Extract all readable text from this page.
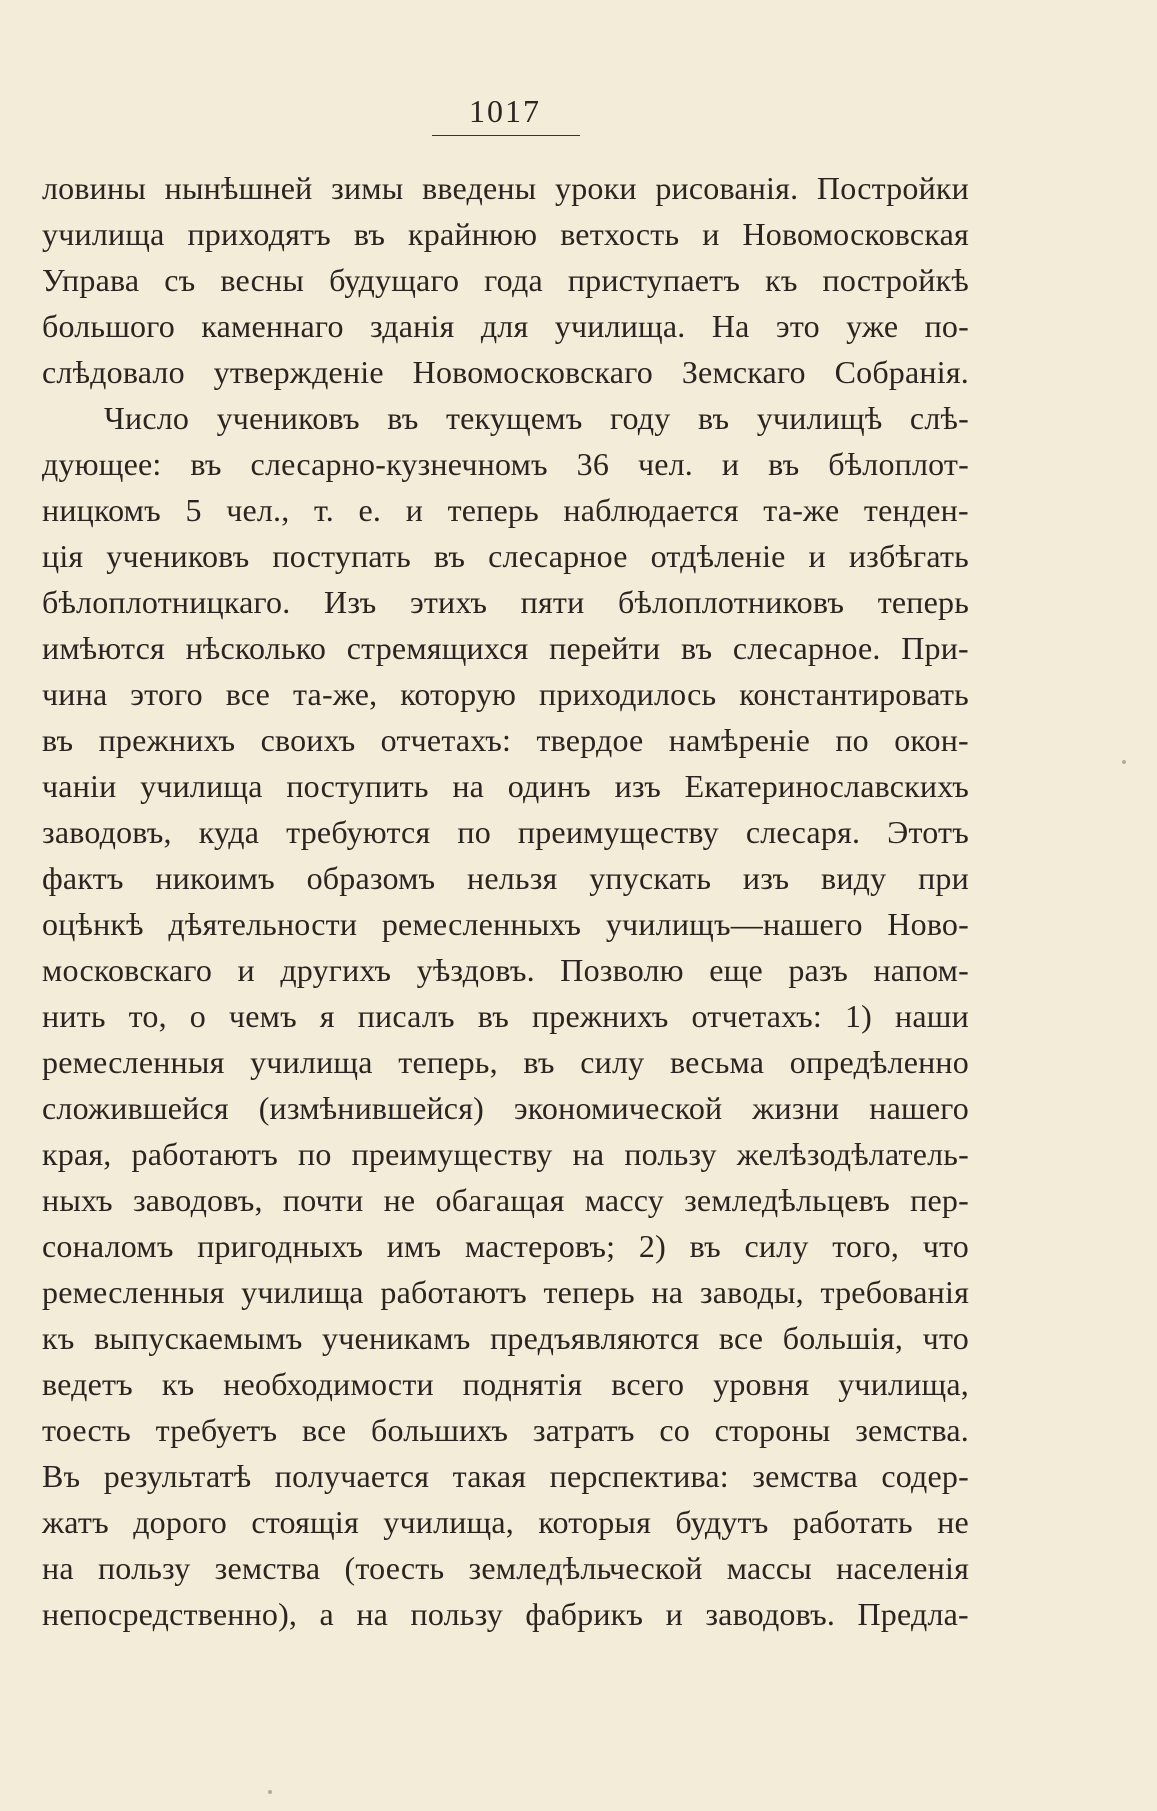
1017
ловины нынѣшней зимы введены уроки рисованія. Постройки
училища приходятъ въ крайнюю ветхость и Новомосковская
Управа съ весны будущаго года приступаетъ къ постройкѣ
большого каменнаго зданія для училища. На это уже по-
слѣдовало утвержденіе Новомосковскаго Земскаго Собранія.
Число учениковъ въ текущемъ году въ училищѣ слѣ-
дующее: въ слесарно-кузнечномъ 36 чел. и въ бѣлоплот-
ницкомъ 5 чел., т. е. и теперь наблюдается та-же тенден-
ція учениковъ поступать въ слесарное отдѣленіе и избѣгать
бѣлоплотницкаго. Изъ этихъ пяти бѣлоплотниковъ теперь
имѣются нѣсколько стремящихся перейти въ слесарное. При-
чина этого все та-же, которую приходилось константировать
въ прежнихъ своихъ отчетахъ: твердое намѣреніе по окон-
чаніи училища поступить на одинъ изъ Екатеринославскихъ
заводовъ, куда требуются по преимуществу слесаря. Этотъ
фактъ никоимъ образомъ нельзя упускать изъ виду при
оцѣнкѣ дѣятельности ремесленныхъ училищъ—нашего Ново-
московскаго и другихъ уѣздовъ. Позволю еще разъ напом-
нить то, о чемъ я писалъ въ прежнихъ отчетахъ: 1) наши
ремесленныя училища теперь, въ силу весьма опредѣленно
сложившейся (измѣнившейся) экономической жизни нашего
края, работаютъ по преимуществу на пользу желѣзодѣлатель-
ныхъ заводовъ, почти не обагащая массу земледѣльцевъ пер-
соналомъ пригодныхъ имъ мастеровъ; 2) въ силу того, что
ремесленныя училища работаютъ теперь на заводы, требованія
къ выпускаемымъ ученикамъ предъявляются все большія, что
ведетъ къ необходимости поднятія всего уровня училища,
тоесть требуетъ все большихъ затратъ со стороны земства.
Въ результатѣ получается такая перспектива: земства содер-
жатъ дорого стоящія училища, которыя будутъ работать не
на пользу земства (тоесть земледѣльческой массы населенія
непосредственно), а на пользу фабрикъ и заводовъ. Предла-
